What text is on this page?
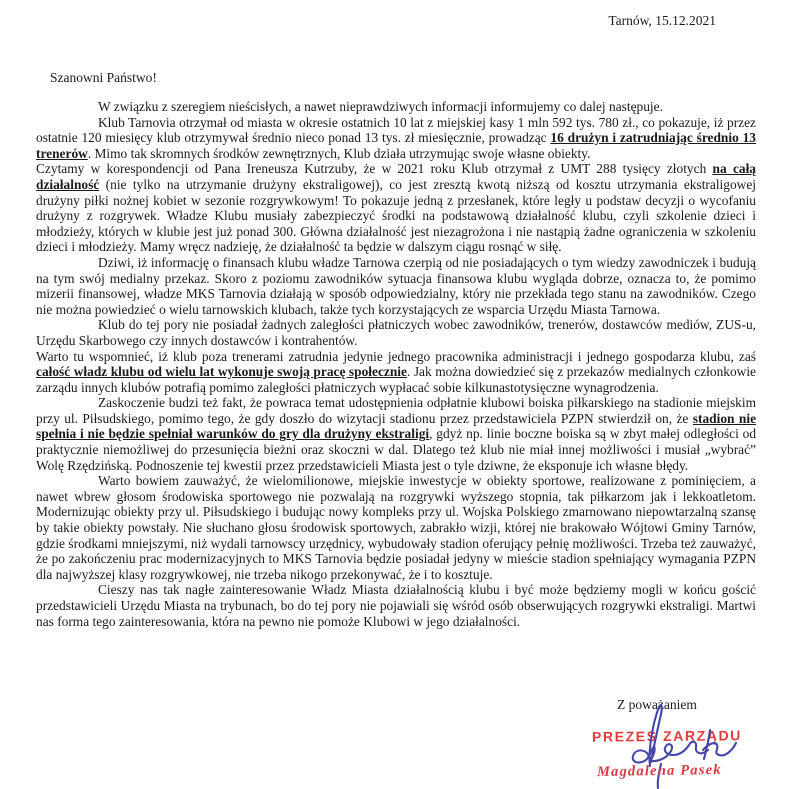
Tarnów, 15.12.2021
Szanowni Państwo!

W związku z szeregiem nieścisłych, a nawet nieprawdziwych informacji informujemy co dalej następuje.

Klub Tarnovia otrzymał od miasta w okresie ostatnich 10 lat z miejskiej kasy 1 mln 592 tys. 780 zł., co pokazuje, iż przez ostatnie 120 miesięcy klub otrzymywał średnio nieco ponad 13 tys. zł miesięcznie, prowadząc 16 drużyn i zatrudniając średnio 13 trenerów. Mimo tak skromnych środków zewnętrznych, Klub działa utrzymując swoje własne obiekty.

Czytamy w korespondencji od Pana Ireneusza Kutrzuby, że w 2021 roku Klub otrzymał z UMT 288 tysięcy złotych na całą działalność (nie tylko na utrzymanie drużyny ekstraligowej), co jest zresztą kwotą niższą od kosztu utrzymania ekstraligowej drużyny piłki nożnej kobiet w sezonie rozgrywkowym! To pokazuje jedną z przesłanek, które legły u podstaw decyzji o wycofaniu drużyny z rozgrywek. Władze Klubu musiały zabezpieczyć środki na podstawową działalność klubu, czyli szkolenie dzieci i młodzieży, których w klubie jest już ponad 300. Główna działalność jest niezagrożona i nie nastąpią żadne ograniczenia w szkoleniu dzieci i młodzieży. Mamy wręcz nadzieję, że działalność ta będzie w dalszym ciągu rosnąć w siłę.

Dziwi, iż informację o finansach klubu władze Tarnowa czerpią od nie posiadających o tym wiedzy zawodniczek i budują na tym swój medialny przekaz. Skoro z poziomu zawodników sytuacja finansowa klubu wygląda dobrze, oznacza to, że pomimo mizerii finansowej, władze MKS Tarnovia działają w sposób odpowiedzialny, który nie przekłada tego stanu na zawodników. Czego nie można powiedzieć o wielu tarnowskich klubach, także tych korzystających ze wsparcia Urzędu Miasta Tarnowa.

Klub do tej pory nie posiadał żadnych zaległości płatniczych wobec zawodników, trenerów, dostawców mediów, ZUS-u, Urzędu Skarbowego czy innych dostawców i kontrahentów.

Warto tu wspomnieć, iż klub poza trenerami zatrudnia jedynie jednego pracownika administracji i jednego gospodarza klubu, zaś całość władz klubu od wielu lat wykonuje swoją pracę społecznie. Jak można dowiedzieć się z przekazów medialnych członkowie zarządu innych klubów potrafią pomimo zaległości płatniczych wypłacać sobie kilkunastotysięczne wynagrodzenia.

Zaskoczenie budzi też fakt, że powraca temat udostępnienia odpłatnie klubowi boiska piłkarskiego na stadionie miejskim przy ul. Piłsudskiego, pomimo tego, że gdy doszło do wizytacji stadionu przez przedstawiciela PZPN stwierdził on, że stadion nie spełnia i nie będzie spełniał warunków do gry dla drużyny ekstraligi, gdyż np. linie boczne boiska są w zbyt małej odległości od praktycznie niemożliwej do przesunięcia bieżni oraz skoczni w dal. Dlatego też klub nie miał innej możliwości i musiał „wybrać” Wolę Rzędzińską. Podnoszenie tej kwestii przez przedstawicieli Miasta jest o tyle dziwne, że eksponuje ich własne błędy.

Warto bowiem zauważyć, że wielomilionowe, miejskie inwestycje w obiekty sportowe, realizowane z pominięciem, a nawet wbrew głosom środowiska sportowego nie pozwalają na rozgrywki wyższego stopnia, tak piłkarzom jak i lekkoatletom. Modernizując obiekty przy ul. Piłsudskiego i budując nowy kompleks przy ul. Wojska Polskiego zmarnowano niepowtarzalną szansę by takie obiekty powstały. Nie słuchano głosu środowisk sportowych, zabrakło wizji, której nie brakowało Wójtowi Gminy Tarnów, gdzie środkami mniejszymi, niż wydali tarnowscy urzędnicy, wybudowały stadion oferujący pełnię możliwości. Trzeba też zauważyć, że po zakończeniu prac modernizacyjnych to MKS Tarnovia będzie posiadał jedyny w mieście stadion spełniający wymagania PZPN dla najwyższej klasy rozgrywkowej, nie trzeba nikogo przekonywać, że i to kosztuje.

Cieszy nas tak nagłe zainteresowanie Władz Miasta działalnością klubu i być może będziemy mogli w końcu gościć przedstawicieli Urzędu Miasta na trybunach, bo do tej pory nie pojawiali się wśród osób obserwujących rozgrywki ekstraligi. Martwi nas forma tego zainteresowania, która na pewno nie pomoże Klubowi w jego działalności.

Z poważaniem
PREZES ZARZĄDU
Magdalena Pasek
